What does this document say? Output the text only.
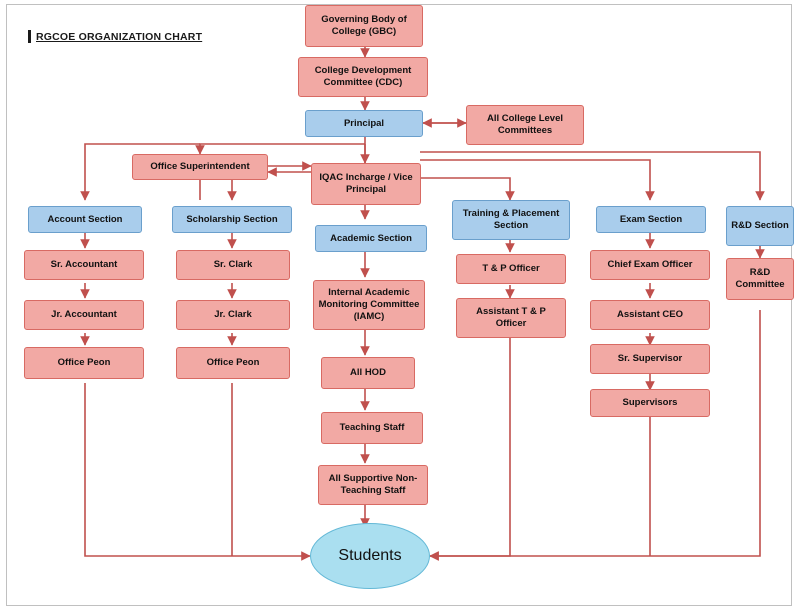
RGCOE ORGANIZATION CHART
Governing Body of College (GBC)
College Development Committee (CDC)
Principal	All College Level Committees
Office Superintendent
IQAC Incharge / Vice Principal
Account Section	Scholarship Section
Academic Section
Training & Placement Section
Exam Section
R&D Section
Sr. Accountant
Jr. Accountant
Office Peon
Sr. Clark
Jr. Clark
Office Peon
Internal Academic Monitoring Committee (IAMC)
All HOD
Teaching Staff
All Supportive Non-Teaching Staff
T & P Officer
Assistant T & P Officer
Chief Exam Officer
Assistant CEO
Sr. Supervisor
Supervisors
R&D Committee
Students
